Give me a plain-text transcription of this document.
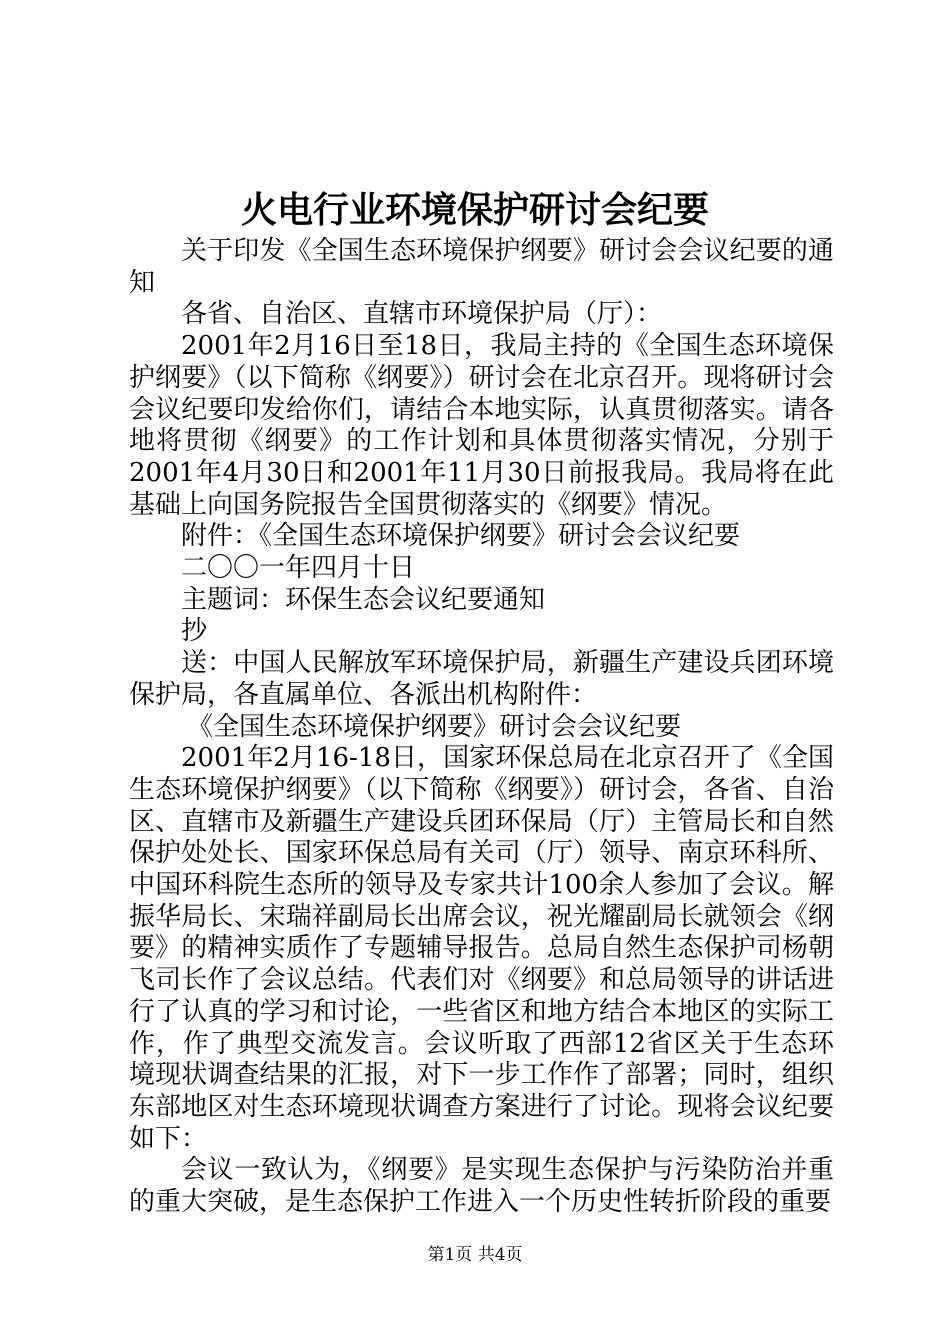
火电行业环境保护研讨会纪要

关于印发《全国生态环境保护纲要》研讨会会议纪要的通知

各省、自治区、直辖市环境保护局（厅）：

2001年2月16日至18日，我局主持的《全国生态环境保护纲要》（以下简称《纲要》）研讨会在北京召开。现将研讨会会议纪要印发给你们，请结合本地实际，认真贯彻落实。请各地将贯彻《纲要》的工作计划和具体贯彻落实情况，分别于2001年4月30日和2001年11月30日前报我局。我局将在此基础上向国务院报告全国贯彻落实的《纲要》情况。

附件：《全国生态环境保护纲要》研讨会会议纪要

二〇〇一年四月十日

主题词：环保生态会议纪要通知

抄

送：中国人民解放军环境保护局，新疆生产建设兵团环境保护局，各直属单位、各派出机构附件：

《全国生态环境保护纲要》研讨会会议纪要

2001年2月16-18日，国家环保总局在北京召开了《全国生态环境保护纲要》（以下简称《纲要》）研讨会，各省、自治区、直辖市及新疆生产建设兵团环保局（厅）主管局长和自然保护处处长、国家环保总局有关司（厅）领导、南京环科所、中国环科院生态所的领导及专家共计100余人参加了会议。解振华局长、宋瑞祥副局长出席会议，祝光耀副局长就领会《纲要》的精神实质作了专题辅导报告。总局自然生态保护司杨朝飞司长作了会议总结。代表们对《纲要》和总局领导的讲话进行了认真的学习和讨论，一些省区和地方结合本地区的实际工作，作了典型交流发言。会议听取了西部12省区关于生态环境现状调查结果的汇报，对下一步工作作了部署；同时，组织东部地区对生态环境现状调查方案进行了讨论。现将会议纪要如下：

会议一致认为，《纲要》是实现生态保护与污染防治并重的重大突破，是生态保护工作进入一个历史性转折阶段的重要

第1页 共4页
